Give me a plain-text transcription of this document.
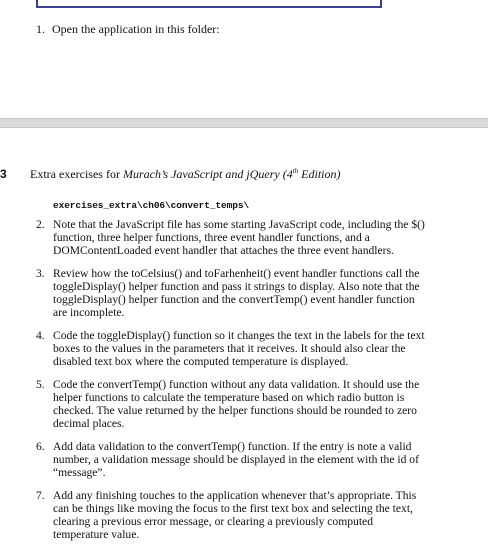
1. Open the application in this folder:
3 Extra exercises for Murach’s JavaScript and jQuery (4th Edition)
exercises_extra\ch06\convert_temps\
2. Note that the JavaScript file has some starting JavaScript code, including the $() function, three helper functions, three event handler functions, and a DOMContentLoaded event handler that attaches the three event handlers.
3. Review how the toCelsius() and toFarhenheit() event handler functions call the toggleDisplay() helper function and pass it strings to display. Also note that the toggleDisplay() helper function and the convertTemp() event handler function are incomplete.
4. Code the toggleDisplay() function so it changes the text in the labels for the text boxes to the values in the parameters that it receives. It should also clear the disabled text box where the computed temperature is displayed.
5. Code the convertTemp() function without any data validation. It should use the helper functions to calculate the temperature based on which radio button is checked. The value returned by the helper functions should be rounded to zero decimal places.
6. Add data validation to the convertTemp() function. If the entry is note a valid number, a validation message should be displayed in the element with the id of “message”.
7. Add any finishing touches to the application whenever that’s appropriate. This can be things like moving the focus to the first text box and selecting the text, clearing a previous error message, or clearing a previously computed temperature value.
